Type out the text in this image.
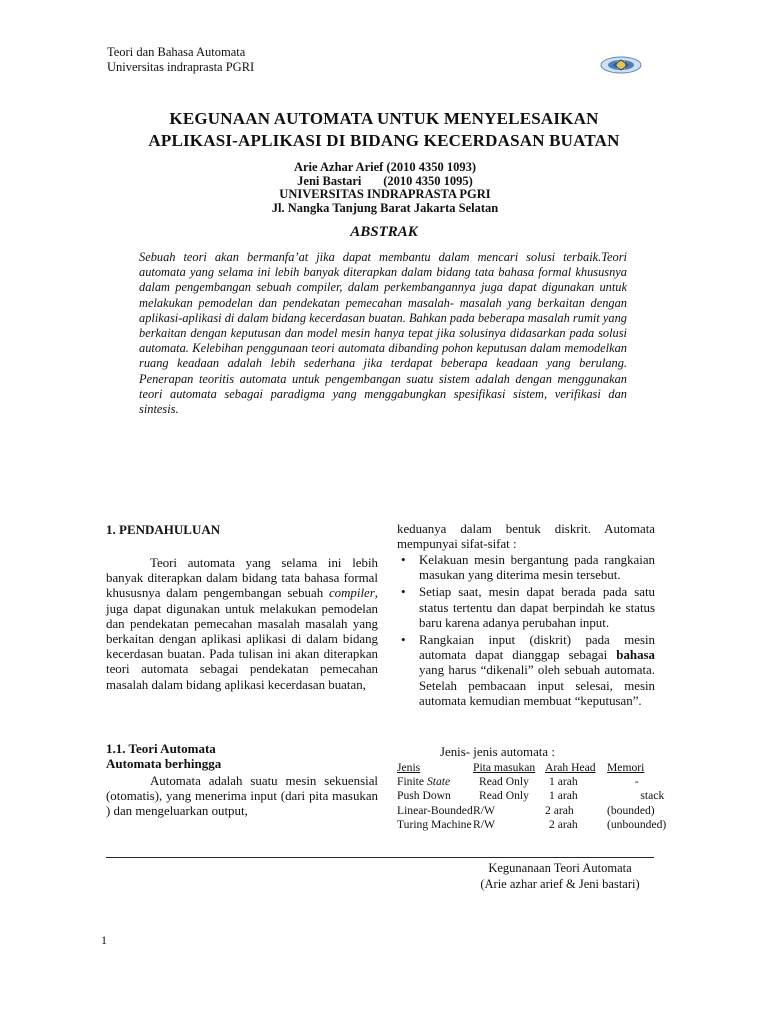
Teori dan Bahasa Automata
Universitas indraprasta PGRI
KEGUNAAN AUTOMATA UNTUK MENYELESAIKAN
APLIKASI-APLIKASI DI BIDANG KECERDASAN BUATAN
Arie Azhar Arief (2010 4350 1093)
Jeni Bastari       (2010 4350 1095)
UNIVERSITAS INDRAPRASTA PGRI
Jl. Nangka Tanjung Barat Jakarta Selatan
ABSTRAK
Sebuah teori akan bermanfa’at jika dapat membantu dalam mencari solusi terbaik.Teori automata yang selama ini lebih banyak diterapkan dalam bidang tata bahasa formal khususnya dalam pengembangan sebuah compiler, dalam perkembangannya juga dapat digunakan untuk melakukan pemodelan dan pendekatan pemecahan masalah- masalah yang berkaitan dengan aplikasi-aplikasi di dalam bidang kecerdasan buatan. Bahkan pada beberapa masalah rumit yang berkaitan dengan keputusan dan model mesin hanya tepat jika solusinya didasarkan pada solusi automata. Kelebihan penggunaan teori automata dibanding pohon keputusan dalam memodelkan ruang keadaan adalah lebih sederhana jika terdapat beberapa keadaan yang berulang. Penerapan teoritis automata untuk pengembangan suatu sistem adalah dengan menggunakan teori automata sebagai paradigma yang menggabungkan spesifikasi sistem, verifikasi dan sintesis.
1. PENDAHULUAN
Teori automata yang selama ini lebih banyak diterapkan dalam bidang tata bahasa formal khususnya dalam pengembangan sebuah compiler, juga dapat digunakan untuk melakukan pemodelan dan pendekatan pemecahan masalah masalah yang berkaitan dengan aplikasi aplikasi di dalam bidang kecerdasan buatan. Pada tulisan ini akan diterapkan teori automata sebagai pendekatan pemecahan masalah dalam bidang aplikasi kecerdasan buatan,
1.1. Teori Automata
Automata berhingga
Automata adalah suatu mesin sekuensial (otomatis), yang menerima input (dari pita masukan ) dan mengeluarkan output,
keduanya dalam bentuk diskrit. Automata mempunyai sifat-sifat :
• Kelakuan mesin bergantung pada rangkaian masukan yang diterima mesin tersebut.
• Setiap saat, mesin dapat berada pada satu status tertentu dan dapat berpindah ke status baru karena adanya perubahan input.
• Rangkaian input (diskrit) pada mesin automata dapat dianggap sebagai bahasa yang harus “dikenali” oleh sebuah automata. Setelah pembacaan input selesai, mesin automata kemudian membuat “keputusan”.
Jenis- jenis automata :
Jenis	Pita masukan	Arah Head	Memori
Finite State	Read Only	1 arah	-
Push Down	Read Only	1 arah	stack
Linear-Bounded	R/W	2 arah	(bounded)
Turing Machine	R/W	2 arah	(unbounded)
Kegunanaan Teori Automata
(Arie azhar arief & Jeni bastari)
1
